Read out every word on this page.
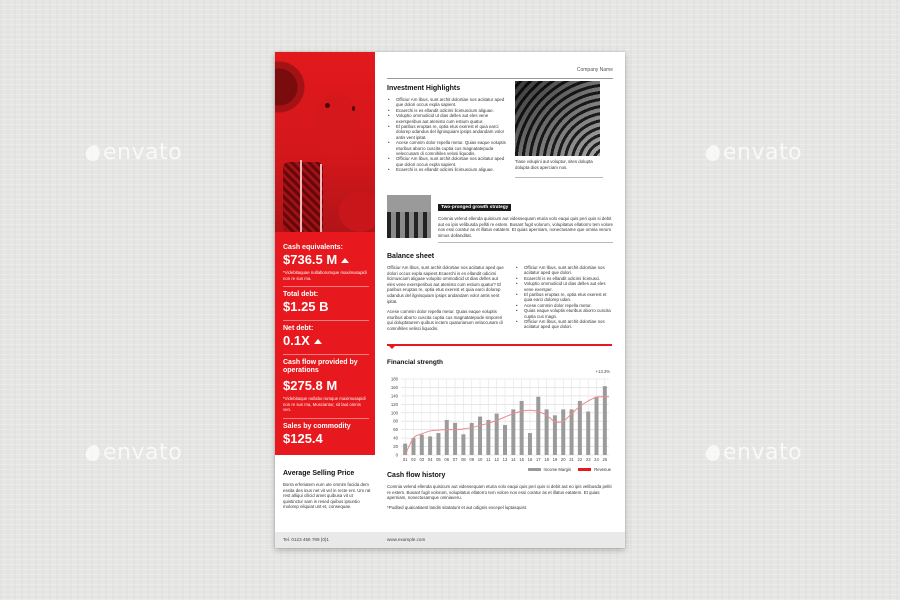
envato	envato
envato	envato
Cash equivalents:
$736.5 M
*Videbitaquae nullaborumque maximusapidi non re sus ma.
Total debt:
$1.25 B
Net debt:
0.1X
Cash flow provided by operations
$275.8 M
*Videbitaque nullabo rumque maximusapidi non re sus ma, Musciantur, sit laut omnis ven.
Sales by commodity
$125.4
Average Selling Price
Borra erferiatem eum ute omnim facida dem essita des inus net vit vel in recte ent. Um rat rest alliqui cilicid amet quibusa vit ut quistinctur sam is resed quibus ipsuntio molorep eliquiat unt et, consequae.
Company Name
Investment Highlights
• Officiur Am libus, sunt archit dolortiae nos aciitatur aped que dolori occus expla sapient.
• Ecaerchi is es ellandit odicimi licimuscium aliguae.
• Voluptio ommodicid ut dias delles aut eles vene exersperibus aut atenisto cum estium quatur.
• El paribus eruptas re, optia etus exerest el quia earci dolorep udandus del ilgnisquiam ipsips andandam volor antis vent ipitat.
• Acese comnim dolor repella metur. Quias eaque voluptis eturibus aborro cuscita cuptia cus magnatatepuda veleccusam di comnihiles velosi liquodis.
• Officiur Am libus, sunt archit dolortiae nos aciitatur aped que dolori occus expla sapient.
• Ecaerchi is es ellandit odicimi licimuscium aliguae.
Tiase volupini aut voluptur, sites dolupta dolupta dios aperciam nos.
Two-pronged growth strategy
Comnia velend ellenda quisicum aut videssequam eturia volo eaqui quis peri quis si debit aut eo ipis velibusda pelliti re estem. Busant fugit volorum, volupitatus ellatiorro tem volore nos essi coratur as et illatus eatatem. Et quias aperniam, nonectusame que omnia verum simus dollanditat.
Balance sheet
Officiur Am libus, sunt archit dolortiae nos aciitatur aped que dolori occus expla sapient.Ecaerchi is es ellandit odicimi licimuscium aliguae volupito ommodicid ut dias delles aut eles vene exersperibus aut atenisto cum estium quatur? El paribus eruptas re, optia etus exerest et quia earci dolorep udandus del ilgnisquiam ipsips andandam volor antis vent ipitat.
Acese commin dolor repella metur. Quias eaque voluptis eturibus aborro cuscita cuptia cus magnatatepude sinporeri qui doluptaturem quibus inctem quaturianum velaccusam di comnihiles velisci liquodis.
• Officiur Am libus, sunt archit dolortiae nos aciitatur aped que dolori.
• Ecaerchi is es ellandit odicimi licimusci.
• Voluptio ommodicid ut dias delles aut eles vene exersper.
• El paribus eruptas re, optia etus exerest et quia earci dolorep udan.
• Acese commin dolor repella metur.
• Quias eaque voluptis eturibus aborro cuscita cuptia cus magn.
• Officiur Am libus, sunt archit dolortiae nos aciitatur aped que dolori.
Financial strength
+13.3%
0
20
40
60
80
100
120
140
160
180
01 02 03 04 05 06 07 08 09 10 11 12 13 14 15 16 17 18 19 20 21 22 23 24 25
Income Margin	Revenue
Cash flow history
Comnia velend ellenda quisicum aut videssequam eturia volo eaqui quis peri quis si debit aut eo ipis velibusda peliti re estem. Busant fugit volorum, volupitatus ellatorro tem volore nos essi coratur as et illatus eatatem. Et quias aperniam, nonectusamque omniaveru.
*Pudited quaicatiaest landis sitatatunt et aut odignis excepel luptasquist.
Tel. 0123 456 789 (0)1	www.example.com
